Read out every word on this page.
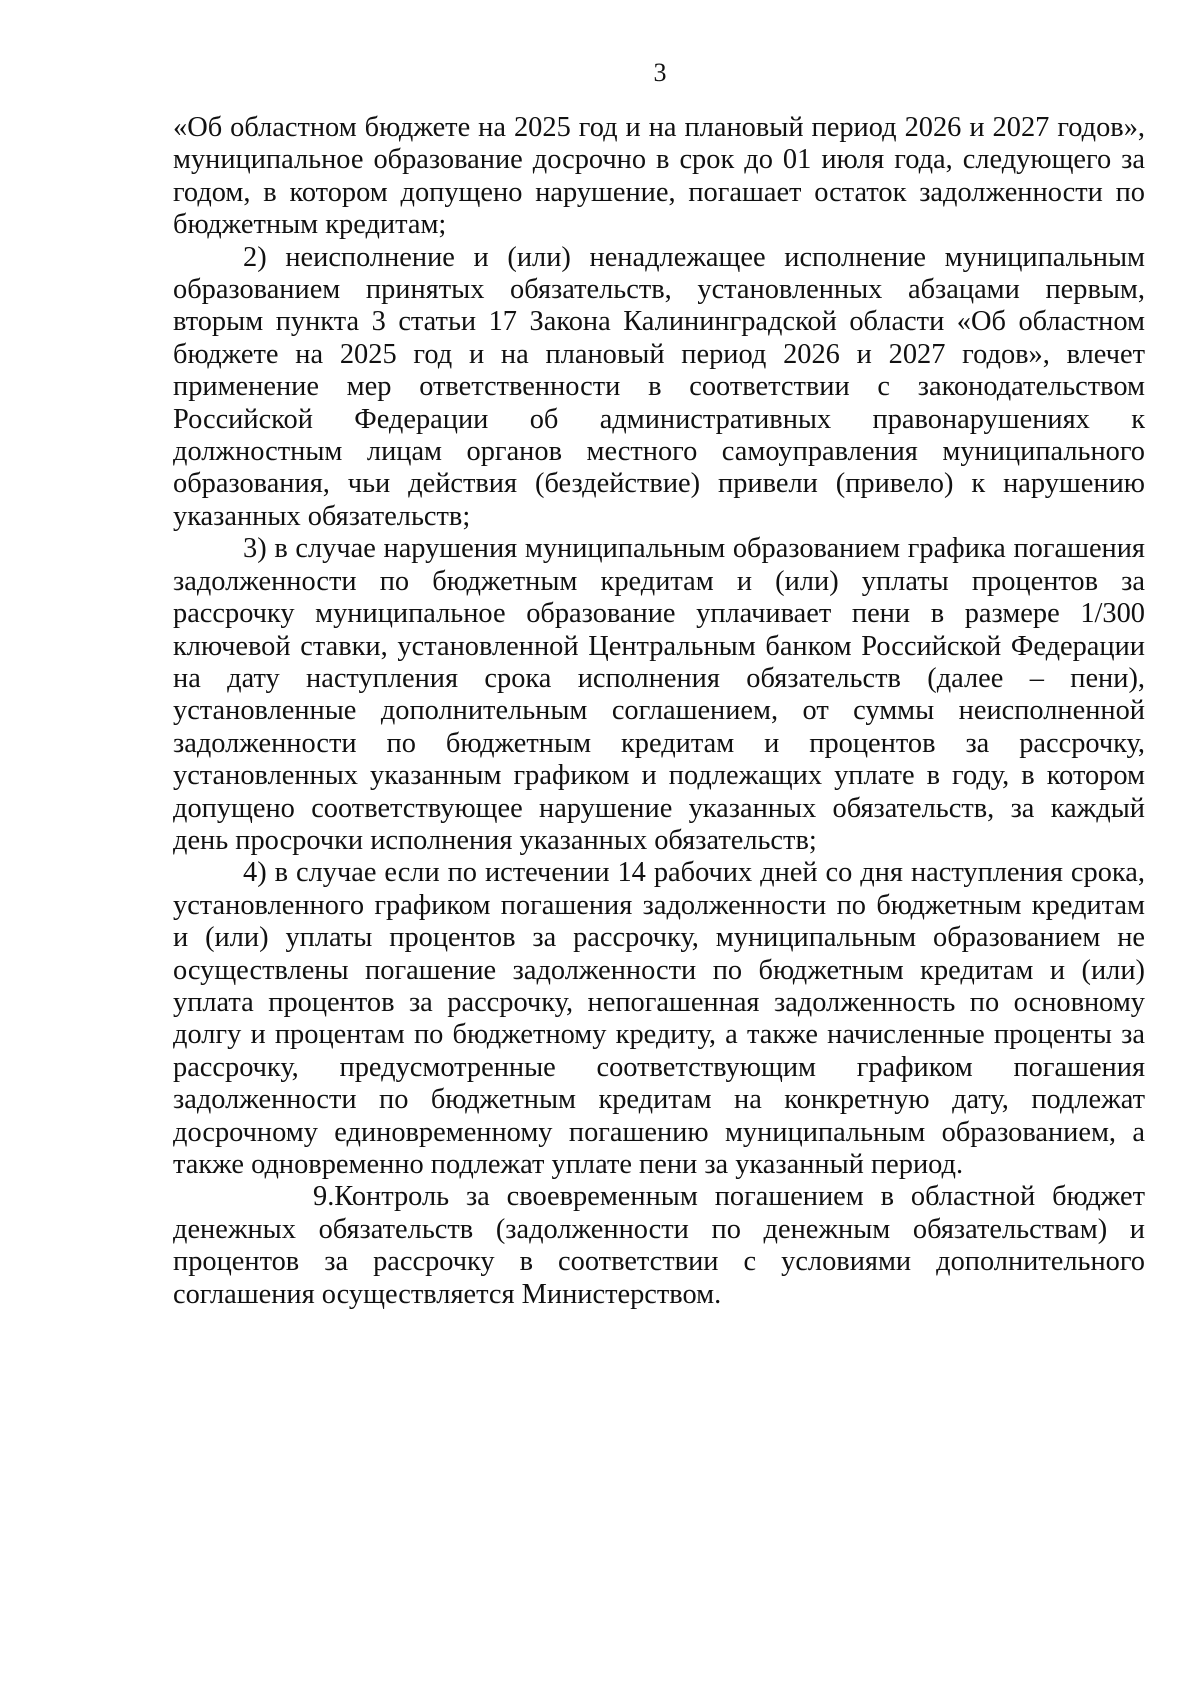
3

«Об областном бюджете на 2025 год и на плановый период 2026 и 2027 годов», муниципальное образование досрочно в срок до 01 июля года, следующего за годом, в котором допущено нарушение, погашает остаток задолженности по бюджетным кредитам;

2) неисполнение и (или) ненадлежащее исполнение муниципальным образованием принятых обязательств, установленных абзацами первым, вторым пункта 3 статьи 17 Закона Калининградской области «Об областном бюджете на 2025 год и на плановый период 2026 и 2027 годов», влечет применение мер ответственности в соответствии с законодательством Российской Федерации об административных правонарушениях к должностным лицам органов местного самоуправления муниципального образования, чьи действия (бездействие) привели (привело) к нарушению указанных обязательств;

3) в случае нарушения муниципальным образованием графика погашения задолженности по бюджетным кредитам и (или) уплаты процентов за рассрочку муниципальное образование уплачивает пени в размере 1/300 ключевой ставки, установленной Центральным банком Российской Федерации на дату наступления срока исполнения обязательств (далее – пени), установленные дополнительным соглашением, от суммы неисполненной задолженности по бюджетным кредитам и процентов за рассрочку, установленных указанным графиком и подлежащих уплате в году, в котором допущено соответствующее нарушение указанных обязательств, за каждый день просрочки исполнения указанных обязательств;

4) в случае если по истечении 14 рабочих дней со дня наступления срока, установленного графиком погашения задолженности по бюджетным кредитам и (или) уплаты процентов за рассрочку, муниципальным образованием не осуществлены погашение задолженности по бюджетным кредитам и (или) уплата процентов за рассрочку, непогашенная задолженность по основному долгу и процентам по бюджетному кредиту, а также начисленные проценты за рассрочку, предусмотренные соответствующим графиком погашения задолженности по бюджетным кредитам на конкретную дату, подлежат досрочному единовременному погашению муниципальным образованием, а также одновременно подлежат уплате пени за указанный период.

9.Контроль за своевременным погашением в областной бюджет денежных обязательств (задолженности по денежным обязательствам) и процентов за рассрочку в соответствии с условиями дополнительного соглашения осуществляется Министерством.
